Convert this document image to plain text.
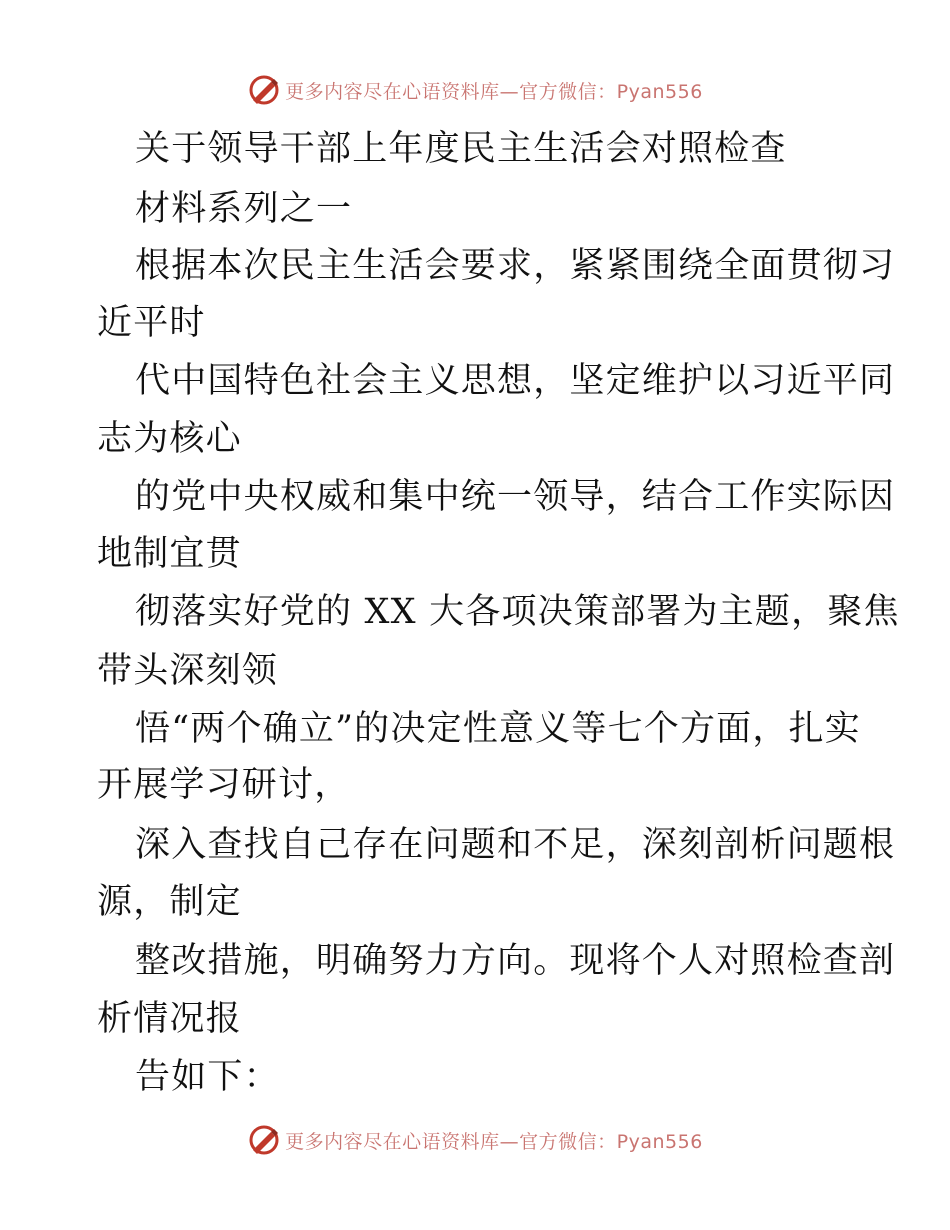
更多内容尽在心语资料库—官方微信：Pyan556
关于领导干部上年度民主生活会对照检查
材料系列之一
根据本次民主生活会要求，紧紧围绕全面贯彻习
近平时
代中国特色社会主义思想，坚定维护以习近平同
志为核心
的党中央权威和集中统一领导，结合工作实际因
地制宜贯
彻落实好党的 XX 大各项决策部署为主题，聚焦
带头深刻领
悟“两个确立”的决定性意义等七个方面，扎实
开展学习研讨，
深入查找自己存在问题和不足，深刻剖析问题根
源，制定
整改措施，明确努力方向。现将个人对照检查剖
析情况报
告如下：
更多内容尽在心语资料库—官方微信：Pyan556
